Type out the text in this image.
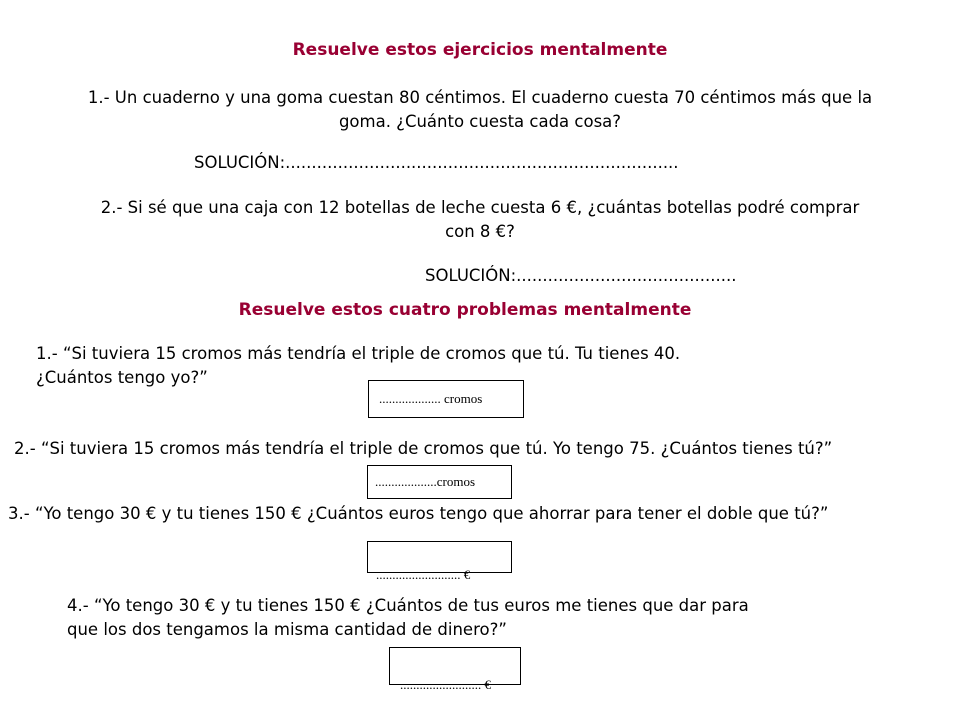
Resuelve estos ejercicios mentalmente
1.- Un cuaderno y una goma cuestan 80 céntimos. El cuaderno cuesta 70 céntimos más que la
goma. ¿Cuánto cuesta cada cosa?
SOLUCIÓN:...........................................................................
2.- Si sé que una caja con 12 botellas de leche cuesta 6 €, ¿cuántas botellas podré comprar
con 8 €?
SOLUCIÓN:..........................................
Resuelve estos cuatro problemas mentalmente
1.- “Si tuviera 15 cromos más tendría el triple de cromos que tú. Tu tienes 40.
¿Cuántos tengo yo?”
................... cromos
2.- “Si tuviera 15 cromos más tendría el triple de cromos que tú. Yo tengo 75. ¿Cuántos tienes tú?”
...................cromos
3.- “Yo tengo 30 € y tu tienes 150 € ¿Cuántos euros tengo que ahorrar para tener el doble que tú?”
.......................... €
4.- “Yo tengo 30 € y tu tienes 150 € ¿Cuántos de tus euros me tienes que dar para
que los dos tengamos la misma cantidad de dinero?”
......................... €
